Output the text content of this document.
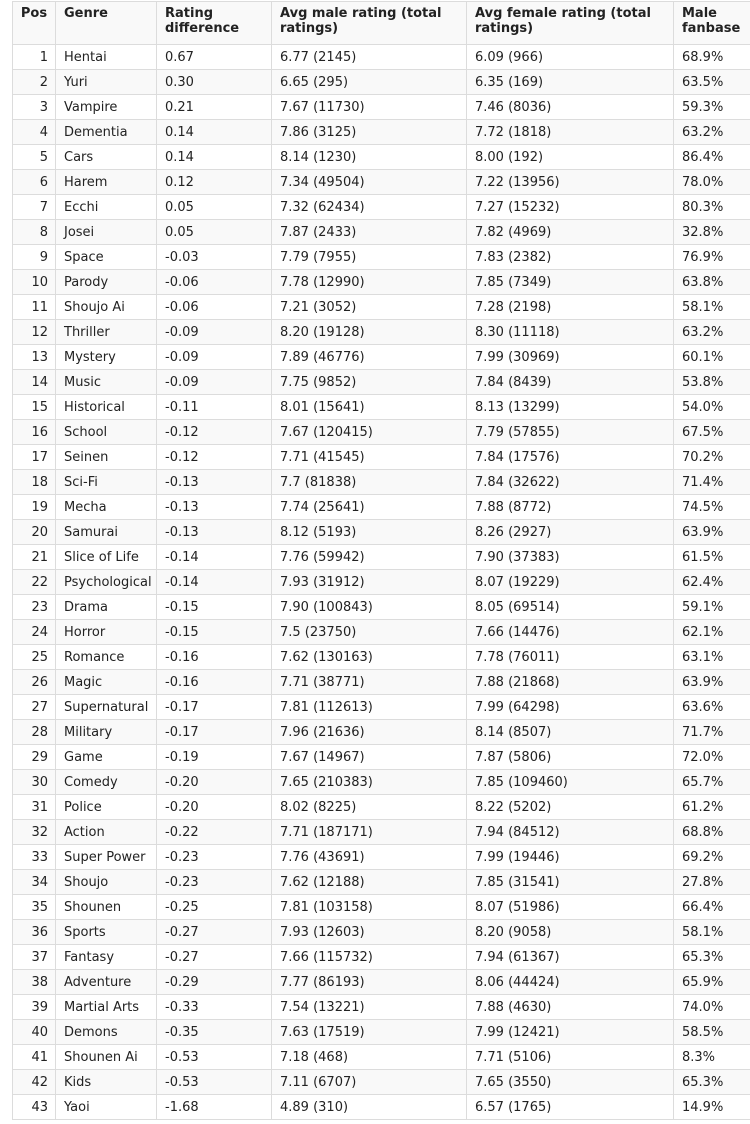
Pos	Genre	Rating difference	Avg male rating (total ratings)	Avg female rating (total ratings)	Male fanbase
1	Hentai	0.67	6.77 (2145)	6.09 (966)	68.9%
2	Yuri	0.30	6.65 (295)	6.35 (169)	63.5%
3	Vampire	0.21	7.67 (11730)	7.46 (8036)	59.3%
4	Dementia	0.14	7.86 (3125)	7.72 (1818)	63.2%
5	Cars	0.14	8.14 (1230)	8.00 (192)	86.4%
6	Harem	0.12	7.34 (49504)	7.22 (13956)	78.0%
7	Ecchi	0.05	7.32 (62434)	7.27 (15232)	80.3%
8	Josei	0.05	7.87 (2433)	7.82 (4969)	32.8%
9	Space	-0.03	7.79 (7955)	7.83 (2382)	76.9%
10	Parody	-0.06	7.78 (12990)	7.85 (7349)	63.8%
11	Shoujo Ai	-0.06	7.21 (3052)	7.28 (2198)	58.1%
12	Thriller	-0.09	8.20 (19128)	8.30 (11118)	63.2%
13	Mystery	-0.09	7.89 (46776)	7.99 (30969)	60.1%
14	Music	-0.09	7.75 (9852)	7.84 (8439)	53.8%
15	Historical	-0.11	8.01 (15641)	8.13 (13299)	54.0%
16	School	-0.12	7.67 (120415)	7.79 (57855)	67.5%
17	Seinen	-0.12	7.71 (41545)	7.84 (17576)	70.2%
18	Sci-Fi	-0.13	7.7 (81838)	7.84 (32622)	71.4%
19	Mecha	-0.13	7.74 (25641)	7.88 (8772)	74.5%
20	Samurai	-0.13	8.12 (5193)	8.26 (2927)	63.9%
21	Slice of Life	-0.14	7.76 (59942)	7.90 (37383)	61.5%
22	Psychological	-0.14	7.93 (31912)	8.07 (19229)	62.4%
23	Drama	-0.15	7.90 (100843)	8.05 (69514)	59.1%
24	Horror	-0.15	7.5 (23750)	7.66 (14476)	62.1%
25	Romance	-0.16	7.62 (130163)	7.78 (76011)	63.1%
26	Magic	-0.16	7.71 (38771)	7.88 (21868)	63.9%
27	Supernatural	-0.17	7.81 (112613)	7.99 (64298)	63.6%
28	Military	-0.17	7.96 (21636)	8.14 (8507)	71.7%
29	Game	-0.19	7.67 (14967)	7.87 (5806)	72.0%
30	Comedy	-0.20	7.65 (210383)	7.85 (109460)	65.7%
31	Police	-0.20	8.02 (8225)	8.22 (5202)	61.2%
32	Action	-0.22	7.71 (187171)	7.94 (84512)	68.8%
33	Super Power	-0.23	7.76 (43691)	7.99 (19446)	69.2%
34	Shoujo	-0.23	7.62 (12188)	7.85 (31541)	27.8%
35	Shounen	-0.25	7.81 (103158)	8.07 (51986)	66.4%
36	Sports	-0.27	7.93 (12603)	8.20 (9058)	58.1%
37	Fantasy	-0.27	7.66 (115732)	7.94 (61367)	65.3%
38	Adventure	-0.29	7.77 (86193)	8.06 (44424)	65.9%
39	Martial Arts	-0.33	7.54 (13221)	7.88 (4630)	74.0%
40	Demons	-0.35	7.63 (17519)	7.99 (12421)	58.5%
41	Shounen Ai	-0.53	7.18 (468)	7.71 (5106)	8.3%
42	Kids	-0.53	7.11 (6707)	7.65 (3550)	65.3%
43	Yaoi	-1.68	4.89 (310)	6.57 (1765)	14.9%
